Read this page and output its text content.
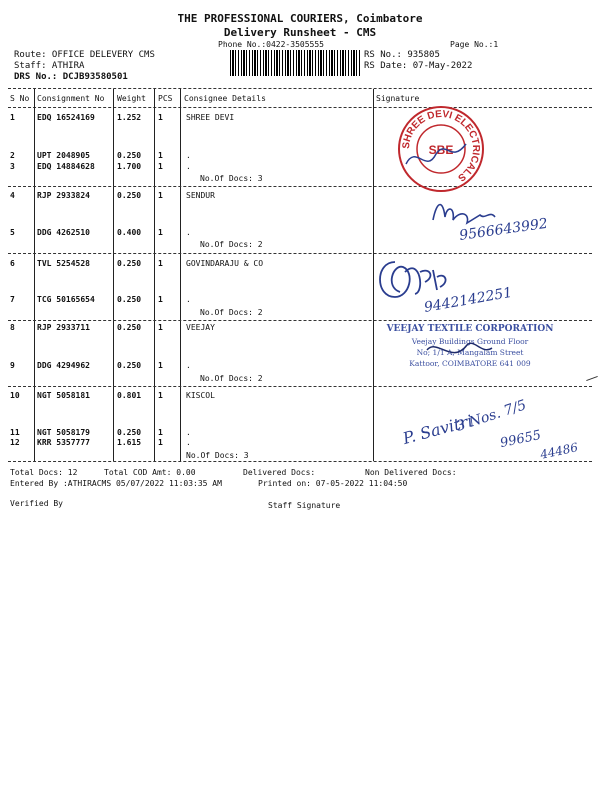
THE PROFESSIONAL COURIERS, Coimbatore
Delivery Runsheet - CMS
Phone No.:0422-3505555	Page No.:1
Route: OFFICE DELEVERY CMS
Staff: ATHIRA
DRS No.: DCJB93580501
RS No.: 935805
RS Date: 07-May-2022
S No Consignment No Weight PCS Consignee Details	Signature
1	EDQ 16524169	1.252 1	SHREE DEVI
2	UPT 2048905	0.250 1	.
3	EDQ 14884628	1.700 1	.
4	RJP 2933824	0.250 1	SENDUR
5	DDG 4262510	0.400 1	.
6	TVL 5254528	0.250 1	GOVINDARAJU & CO
7	TCG 50165654	0.250 1	.
8	RJP 2933711	0.250 1	VEEJAY
9	DDG 4294962	0.250 1	.
10 NGT 5058181	0.801 1	KISCOL
11 NGT 5058179	0.250 1	.
12 KRR 5357777	1.615 1	.
No.Of Docs: 3
No.Of Docs: 2
No.Of Docs: 2
No.Of Docs: 2
No.Of Docs: 3
SHREE DEVI ELECTRICALS
SBE
9566643992
9442142251
VEEJAY TEXTILE CORPORATION
Veejay Buildings Ground Floor
No; 1/1 A, Mangalam Street
Kattoor, COIMBATORE 641 009
P. Savitri
3 Nos. 7/5
99655
44486
Total Docs: 12	Total COD Amt: 0.00	Delivered Docs:	Non Delivered Docs:
Entered By :ATHIRACMS 05/07/2022 11:03:35 AM	Printed on: 07-05-2022 11:04:50
Verified By	Staff Signature
